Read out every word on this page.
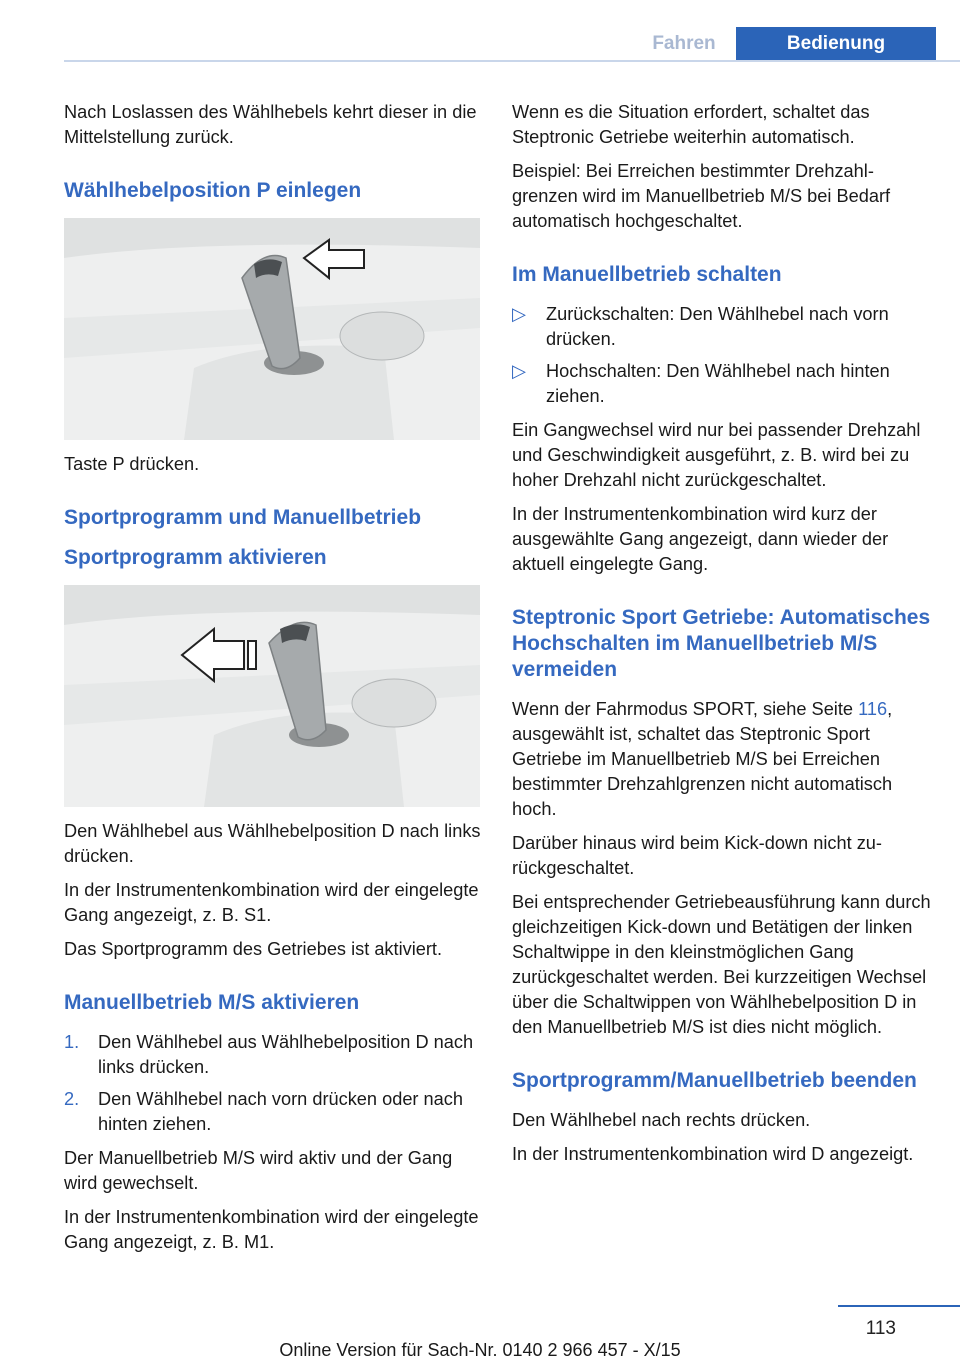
Fahren	Bedienung

Nach Loslassen des Wählhebels kehrt dieser in die Mittelstellung zurück.

Wählhebelposition P einlegen

Taste P drücken.

Sportprogramm und Manuellbetrieb
Sportprogramm aktivieren

Den Wählhebel aus Wählhebelposition D nach links drücken.

In der Instrumentenkombination wird der eingelegte Gang angezeigt, z. B. S1.

Das Sportprogramm des Getriebes ist aktiviert.

Manuellbetrieb M/S aktivieren
1. Den Wählhebel aus Wählhebelposition D nach links drücken.
2. Den Wählhebel nach vorn drücken oder nach hinten ziehen.

Der Manuellbetrieb M/S wird aktiv und der Gang wird gewechselt.

In der Instrumentenkombination wird der eingelegte Gang angezeigt, z. B. M1.

Wenn es die Situation erfordert, schaltet das Steptronic Getriebe weiterhin automatisch.

Beispiel: Bei Erreichen bestimmter Drehzahlgrenzen wird im Manuellbetrieb M/S bei Bedarf automatisch hochgeschaltet.

Im Manuellbetrieb schalten
▷ Zurückschalten: Den Wählhebel nach vorn drücken.
▷ Hochschalten: Den Wählhebel nach hinten ziehen.

Ein Gangwechsel wird nur bei passender Drehzahl und Geschwindigkeit ausgeführt, z. B. wird bei zu hoher Drehzahl nicht zurückgeschaltet.

In der Instrumentenkombination wird kurz der ausgewählte Gang angezeigt, dann wieder der aktuell eingelegte Gang.

Steptronic Sport Getriebe: Automatisches Hochschalten im Manuellbetrieb M/S vermeiden

Wenn der Fahrmodus SPORT, siehe Seite 116, ausgewählt ist, schaltet das Steptronic Sport Getriebe im Manuellbetrieb M/S bei Erreichen bestimmter Drehzahlgrenzen nicht automatisch hoch.

Darüber hinaus wird beim Kick-down nicht zurückgeschaltet.

Bei entsprechender Getriebeausführung kann durch gleichzeitigen Kick-down und Betätigen der linken Schaltwippe in den kleinstmöglichen Gang zurückgeschaltet werden. Bei kurzzeitigen Wechsel über die Schaltwippen von Wählhebelposition D in den Manuellbetrieb M/S ist dies nicht möglich.

Sportprogramm/Manuellbetrieb beenden

Den Wählhebel nach rechts drücken.

In der Instrumentenkombination wird D angezeigt.

113
Online Version für Sach-Nr. 0140 2 966 457 - X/15
